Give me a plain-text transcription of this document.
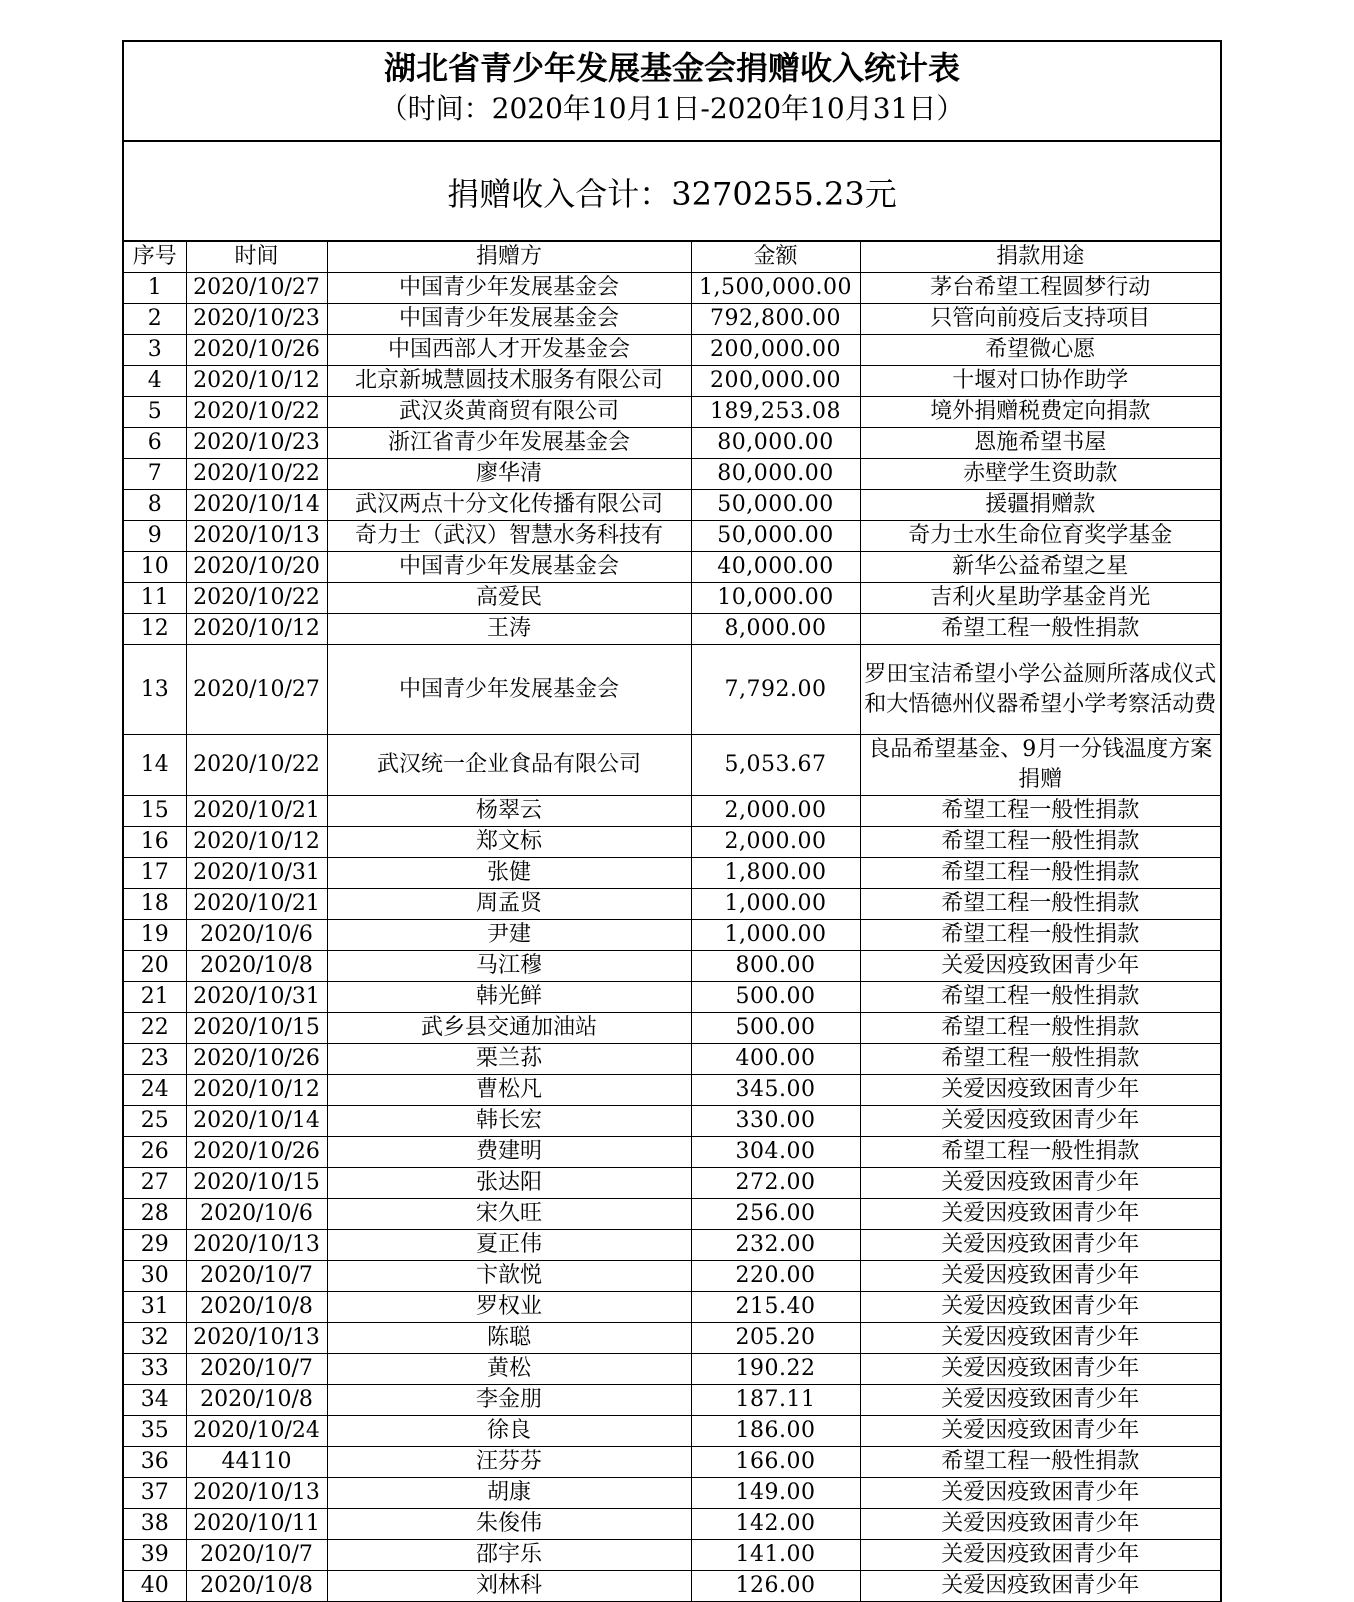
湖北省青少年发展基金会捐赠收入统计表
（时间：2020年10月1日-2020年10月31日）
捐赠收入合计：3270255.23元
序号	时间	捐赠方	金额	捐款用途
1	2020/10/27	中国青少年发展基金会	1,500,000.00	茅台希望工程圆梦行动
2	2020/10/23	中国青少年发展基金会	792,800.00	只管向前疫后支持项目
3	2020/10/26	中国西部人才开发基金会	200,000.00	希望微心愿
4	2020/10/12	北京新城慧圆技术服务有限公司	200,000.00	十堰对口协作助学
5	2020/10/22	武汉炎黄商贸有限公司	189,253.08	境外捐赠税费定向捐款
6	2020/10/23	浙江省青少年发展基金会	80,000.00	恩施希望书屋
7	2020/10/22	廖华清	80,000.00	赤壁学生资助款
8	2020/10/14	武汉两点十分文化传播有限公司	50,000.00	援疆捐赠款
9	2020/10/13	奇力士（武汉）智慧水务科技有	50,000.00	奇力士水生命位育奖学基金
10	2020/10/20	中国青少年发展基金会	40,000.00	新华公益希望之星
11	2020/10/22	高爱民	10,000.00	吉利火星助学基金肖光
12	2020/10/12	王涛	8,000.00	希望工程一般性捐款
13	2020/10/27	中国青少年发展基金会	7,792.00	罗田宝洁希望小学公益厕所落成仪式和大悟德州仪器希望小学考察活动费
14	2020/10/22	武汉统一企业食品有限公司	5,053.67	良品希望基金、9月一分钱温度方案捐赠
15	2020/10/21	杨翠云	2,000.00	希望工程一般性捐款
16	2020/10/12	郑文标	2,000.00	希望工程一般性捐款
17	2020/10/31	张健	1,800.00	希望工程一般性捐款
18	2020/10/21	周孟贤	1,000.00	希望工程一般性捐款
19	2020/10/6	尹建	1,000.00	希望工程一般性捐款
20	2020/10/8	马江穆	800.00	关爱因疫致困青少年
21	2020/10/31	韩光鲜	500.00	希望工程一般性捐款
22	2020/10/15	武乡县交通加油站	500.00	希望工程一般性捐款
23	2020/10/26	栗兰荪	400.00	希望工程一般性捐款
24	2020/10/12	曹松凡	345.00	关爱因疫致困青少年
25	2020/10/14	韩长宏	330.00	关爱因疫致困青少年
26	2020/10/26	费建明	304.00	希望工程一般性捐款
27	2020/10/15	张达阳	272.00	关爱因疫致困青少年
28	2020/10/6	宋久旺	256.00	关爱因疫致困青少年
29	2020/10/13	夏正伟	232.00	关爱因疫致困青少年
30	2020/10/7	卞歆悦	220.00	关爱因疫致困青少年
31	2020/10/8	罗权业	215.40	关爱因疫致困青少年
32	2020/10/13	陈聪	205.20	关爱因疫致困青少年
33	2020/10/7	黄松	190.22	关爱因疫致困青少年
34	2020/10/8	李金朋	187.11	关爱因疫致困青少年
35	2020/10/24	徐良	186.00	关爱因疫致困青少年
36	44110	汪芬芬	166.00	希望工程一般性捐款
37	2020/10/13	胡康	149.00	关爱因疫致困青少年
38	2020/10/11	朱俊伟	142.00	关爱因疫致困青少年
39	2020/10/7	邵宇乐	141.00	关爱因疫致困青少年
40	2020/10/8	刘林科	126.00	关爱因疫致困青少年
